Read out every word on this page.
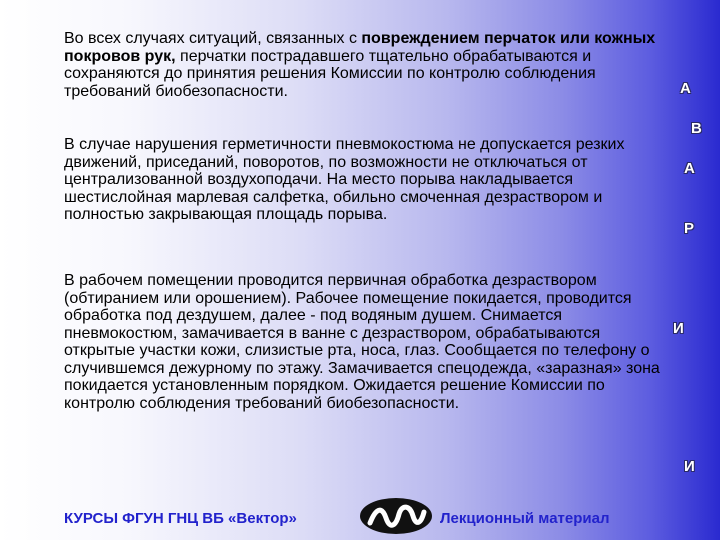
Во всех случаях ситуаций, связанных с повреждением перчаток или кожных покровов рук, перчатки пострадавшего тщательно обрабатываются и сохраняются до принятия решения Комиссии по контролю соблюдения требований биобезопасности.
В случае нарушения герметичности пневмокостюма не допускается резких движений, приседаний, поворотов, по возможности не отключаться от централизованной воздухоподачи. На место порыва накладывается шестислойная марлевая салфетка, обильно смоченная дезраствором и полностью закрывающая площадь порыва.
В рабочем помещении проводится первичная обработка дезраствором (обтиранием или орошением). Рабочее помещение покидается, проводится обработка под дездушем, далее - под водяным душем. Снимается пневмокостюм, замачивается в ванне с дезраствором, обрабатываются открытые участки кожи, слизистые рта, носа, глаз. Сообщается по телефону о случившемся дежурному по этажу. Замачивается спецодежда, «заразная» зона покидается установленным порядком. Ожидается решение Комиссии по контролю соблюдения требований биобезопасности.
А
В
А
Р
И
И
КУРСЫ ФГУН ГНЦ ВБ «Вектор»	Лекционный материал
